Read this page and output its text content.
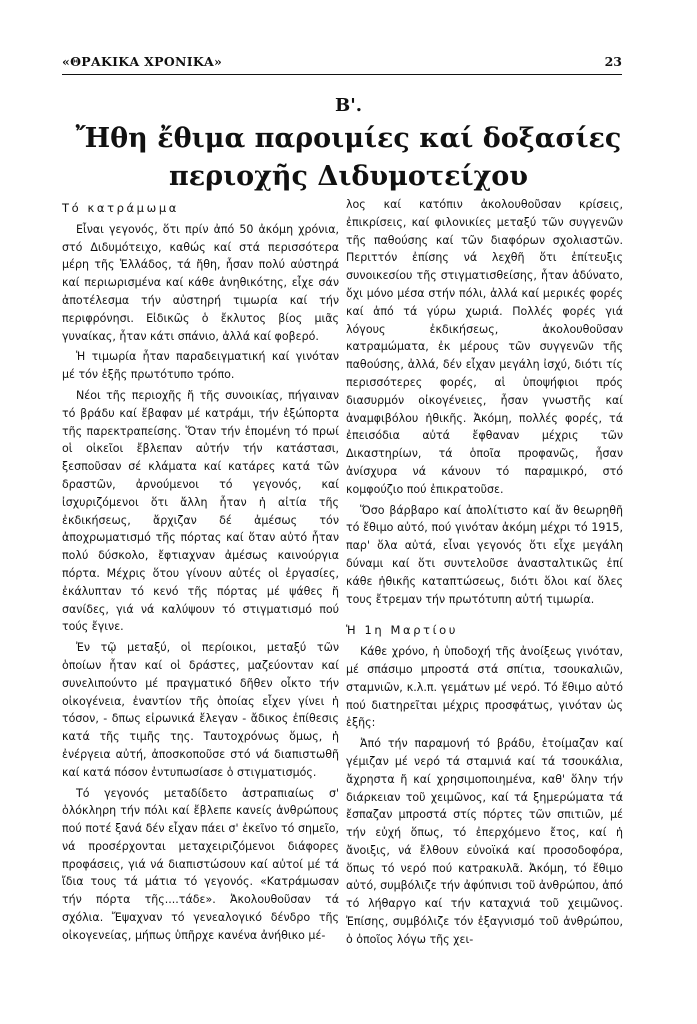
«ΘΡΑΚΙΚΑ ΧΡΟΝΙΚΑ»	23
Β'.
Ἤθη ἔθιμα παροιμίες καί δοξασίες
περιοχῆς Διδυμοτείχου

Τό κατράμωμα

Εἶναι γεγονός, ὅτι πρίν ἀπό 50 ἀκόμη χρόνια, στό Διδυμότειχο, καθώς καί στά περισσότερα μέρη τῆς Ἑλλάδος, τά ἤθη, ἦσαν πολύ αὐστηρά καί περιωρισμένα καί κάθε ἀνηθικότης, εἶχε σάν ἀποτέλεσμα τήν αὐστηρή τιμωρία καί τήν περιφρόνησι. Εἰδικῶς ὁ ἔκλυτος βίος μιᾶς γυναίκας, ἦταν κάτι σπάνιο, ἀλλά καί φοβερό.

Ἡ τιμωρία ἦταν παραδειγματική καί γινόταν μέ τόν ἑξῆς πρωτότυπο τρόπο.

Νέοι τῆς περιοχῆς ἤ τῆς συνοικίας, πήγαιναν τό βράδυ καί ἔβαφαν μέ κατράμι, τήν ἐξώπορτα τῆς παρεκτραπείσης. Ὅταν τήν ἑπομένη τό πρωί οἱ οἰκεῖοι ἔβλεπαν αὐτήν τήν κατάστασι, ξεσποῦσαν σέ κλάματα καί κατάρες κατά τῶν δραστῶν, ἀρνούμενοι τό γεγονός, καί ἰσχυριζόμενοι ὅτι ἄλλη ἦταν ἡ αἰτία τῆς ἐκδικήσεως, ἄρχιζαν δέ ἀμέσως τόν ἀποχρωματισμό τῆς πόρτας καί ὅταν αὐτό ἦταν πολύ δύσκολο, ἔφτιαχναν ἀμέσως καινούργια πόρτα. Μέχρις ὅτου γίνουν αὐτές οἱ ἐργασίες, ἐκάλυπταν τό κενό τῆς πόρτας μέ ψάθες ἤ σανίδες, γιά νά καλύψουν τό στιγματισμό πού τούς ἔγινε.

Ἐν τῷ μεταξύ, οἱ περίοικοι, μεταξύ τῶν ὁποίων ἦταν καί οἱ δράστες, μαζεύονταν καί συνελιπούντο μέ πραγματικό δῆθεν οἶκτο τήν οἰκογένεια, ἐναντίον τῆς ὁποίας εἶχεν γίνει ἡ τόσον, - δπως εἰρωνικά ἔλεγαν - ἄδικος ἐπίθεσις κατά τῆς τιμῆς της. Ταυτοχρόνως ὅμως, ἡ ἐνέργεια αὐτή, ἀποσκοποῦσε στό νά διαπιστωθῆ καί κατά πόσον ἐντυπωσίασε ὁ στιγματισμός.

Τό γεγονός μεταδίδετο ἀστραπιαίως σ' ὁλόκληρη τήν πόλι καί ἔβλεπε κανείς ἀνθρώπους πού ποτέ ξανά δέν εἶχαν πάει σ' ἐκεῖνο τό σημεῖο, νά προσέρχονται μεταχειριζόμενοι διάφορες προφάσεις, γιά νά διαπιστώσουν καί αὐτοί μέ τά ἴδια τους τά μάτια τό γεγονός. «Κατράμωσαν τήν πόρτα τῆς....τάδε». Ἀκολουθοῦσαν τά σχόλια. Ἔψαχναν τό γενεαλογικό δένδρο τῆς οἰκογενείας, μήπως ὑπῆρχε κανένα ἀνήθικο μέ-

λος καί κατόπιν ἀκολουθοῦσαν κρίσεις, ἐπικρίσεις, καί φιλονικίες μεταξύ τῶν συγγενῶν τῆς παθούσης καί τῶν διαφόρων σχολιαστῶν. Περιττόν ἐπίσης νά λεχθῆ ὅτι ἐπίτευξις συνοικεσίου τῆς στιγματισθείσης, ἦταν ἀδύνατο, ὄχι μόνο μέσα στήν πόλι, ἀλλά καί μερικές φορές καί ἀπό τά γύρω χωριά. Πολλές φορές γιά λόγους ἐκδικήσεως, ἀκολουθοῦσαν κατραμώματα, ἐκ μέρους τῶν συγγενῶν τῆς παθούσης, ἀλλά, δέν εἶχαν μεγάλη ἰσχύ, διότι τίς περισσότερες φορές, αἱ ὑποψήφιοι πρός διασυρμόν οἰκογένειες, ἦσαν γνωστῆς καί ἀναμφιβόλου ἠθικῆς. Ἀκόμη, πολλές φορές, τά ἐπεισόδια αὐτά ἔφθαναν μέχρις τῶν Δικαστηρίων, τά ὁποῖα προφανῶς, ἦσαν ἀνίσχυρα νά κάνουν τό παραμικρό, στό κομφούζιο πού ἐπικρατοῦσε.

Ὅσο βάρβαρο καί ἀπολίτιστο καί ἄν θεωρηθῆ τό ἔθιμο αὐτό, πού γινόταν ἀκόμη μέχρι τό 1915, παρ' ὅλα αὐτά, εἶναι γεγονός ὅτι εἶχε μεγάλη δύναμι καί ὅτι συντελοῦσε ἀνασταλτικῶς ἐπί κάθε ἠθικῆς καταπτώσεως, διότι ὅλοι καί ὅλες τους ἔτρεμαν τήν πρωτότυπη αὐτή τιμωρία.

Ἡ 1η Μαρτίου

Κάθε χρόνο, ἡ ὑποδοχή τῆς ἀνοίξεως γινόταν, μέ σπάσιμο μπροστά στά σπίτια, τσουκαλιῶν, σταμνιῶν, κ.λ.π. γεμάτων μέ νερό. Τό ἔθιμο αὐτό πού διατηρεῖται μέχρις προσφάτως, γινόταν ὡς ἑξῆς:

Ἀπό τήν παραμονή τό βράδυ, ἑτοίμαζαν καί γέμιζαν μέ νερό τά σταμνιά καί τά τσουκάλια, ἄχρηστα ἤ καί χρησιμοποιημένα, καθ' ὅλην τήν διάρκειαν τοῦ χειμῶνος, καί τά ξημερώματα τά ἔσπαζαν μπροστά στίς πόρτες τῶν σπιτιῶν, μέ τήν εὐχή ὅπως, τό ἐπερχόμενο ἔτος, καί ἡ ἄνοιξις, νά ἔλθουν εὐνοϊκά καί προσοδοφόρα, ὅπως τό νερό πού κατρακυλᾶ. Ἀκόμη, τό ἔθιμο αὐτό, συμβόλιζε τήν ἀφύπνισι τοῦ ἀνθρώπου, ἀπό τό λήθαργο καί τήν καταχνιά τοῦ χειμῶνος. Ἐπίσης, συμβόλιζε τόν ἐξαγνισμό τοῦ ἀνθρώπου, ὁ ὁποῖος λόγω τῆς χει-
